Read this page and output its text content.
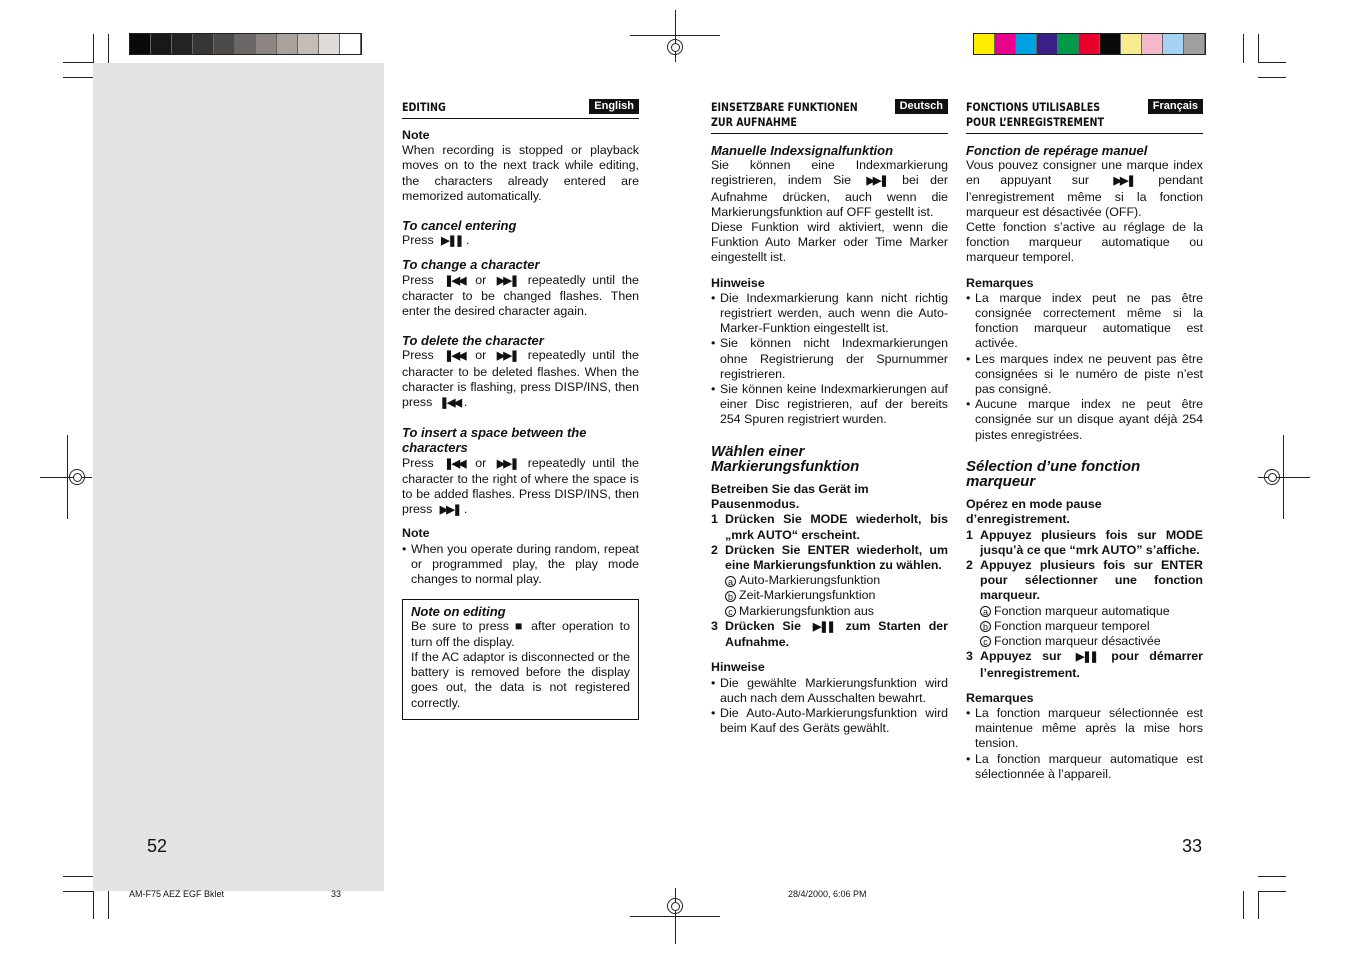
EDITING	English
Note
When recording is stopped or playback moves on to the next track while editing, the characters already entered are memorized automatically.
To cancel entering
Press ▶❚❚ .
To change a character
Press ❚◀◀ or ▶▶❚ repeatedly until the character to be changed flashes. Then enter the desired character again.
To delete the character
Press ❚◀◀ or ▶▶❚ repeatedly until the character to be deleted flashes. When the character is flashing, press DISP/INS, then press ❚◀◀ .
To insert a space between the characters
Press ❚◀◀ or ▶▶❚ repeatedly until the character to the right of where the space is to be added flashes. Press DISP/INS, then press ▶▶❚ .
Note
• When you operate during random, repeat or programmed play, the play mode changes to normal play.
Note on editing
Be sure to press ■ after operation to turn off the display.
If the AC adaptor is disconnected or the battery is removed before the display goes out, the data is not registered correctly.
EINSETZBARE FUNKTIONEN ZUR AUFNAHME
Deutsch
Manuelle Indexsignalfunktion
Sie können eine Indexmarkierung registrieren, indem Sie ▶▶❚ bei der Aufnahme drücken, auch wenn die Markierungsfunktion auf OFF gestellt ist.
Diese Funktion wird aktiviert, wenn die Funktion Auto Marker oder Time Marker eingestellt ist.
Hinweise
• Die Indexmarkierung kann nicht richtig registriert werden, auch wenn die Auto-Marker-Funktion eingestellt ist.
• Sie können nicht Indexmarkierungen ohne Registrierung der Spurnummer registrieren.
• Sie können keine Indexmarkierungen auf einer Disc registrieren, auf der bereits 254 Spuren registriert wurden.
Wählen einer Markierungsfunktion
Betreiben Sie das Gerät im Pausenmodus.
1 Drücken Sie MODE wiederholt, bis „mrk AUTO“ erscheint.
2 Drücken Sie ENTER wiederholt, um eine Markierungsfunktion zu wählen.
a Auto-Markierungsfunktion
b Zeit-Markierungsfunktion
c Markierungsfunktion aus
3 Drücken Sie ▶❚❚ zum Starten der Aufnahme.
Hinweise
• Die gewählte Markierungsfunktion wird auch nach dem Ausschalten bewahrt.
• Die Auto-Auto-Markierungsfunktion wird beim Kauf des Geräts gewählt.
FONCTIONS UTILISABLES POUR L’ENREGISTREMENT
Français
Fonction de repérage manuel
Vous pouvez consigner une marque index en appuyant sur ▶▶❚ pendant l’enregistrement même si la fonction marqueur est désactivée (OFF).
Cette fonction s’active au réglage de la fonction marqueur automatique ou marqueur temporel.
Remarques
• La marque index peut ne pas être consignée correctement même si la fonction marqueur automatique est activée.
• Les marques index ne peuvent pas être consignées si le numéro de piste n’est pas consigné.
• Aucune marque index ne peut être consignée sur un disque ayant déjà 254 pistes enregistrées.
Sélection d’une fonction marqueur
Opérez en mode pause d’enregistrement.
1 Appuyez plusieurs fois sur MODE jusqu’à ce que “mrk AUTO” s’affiche.
2 Appuyez plusieurs fois sur ENTER pour sélectionner une fonction marqueur.
a Fonction marqueur automatique
b Fonction marqueur temporel
c Fonction marqueur désactivée
3 Appuyez sur ▶❚❚ pour démarrer l’enregistrement.
Remarques
• La fonction marqueur sélectionnée est maintenue même après la mise hors tension.
• La fonction marqueur automatique est sélectionnée à l’appareil.
52	33
AM-F75 AEZ EGF Bklet	33	28/4/2000, 6:06 PM
